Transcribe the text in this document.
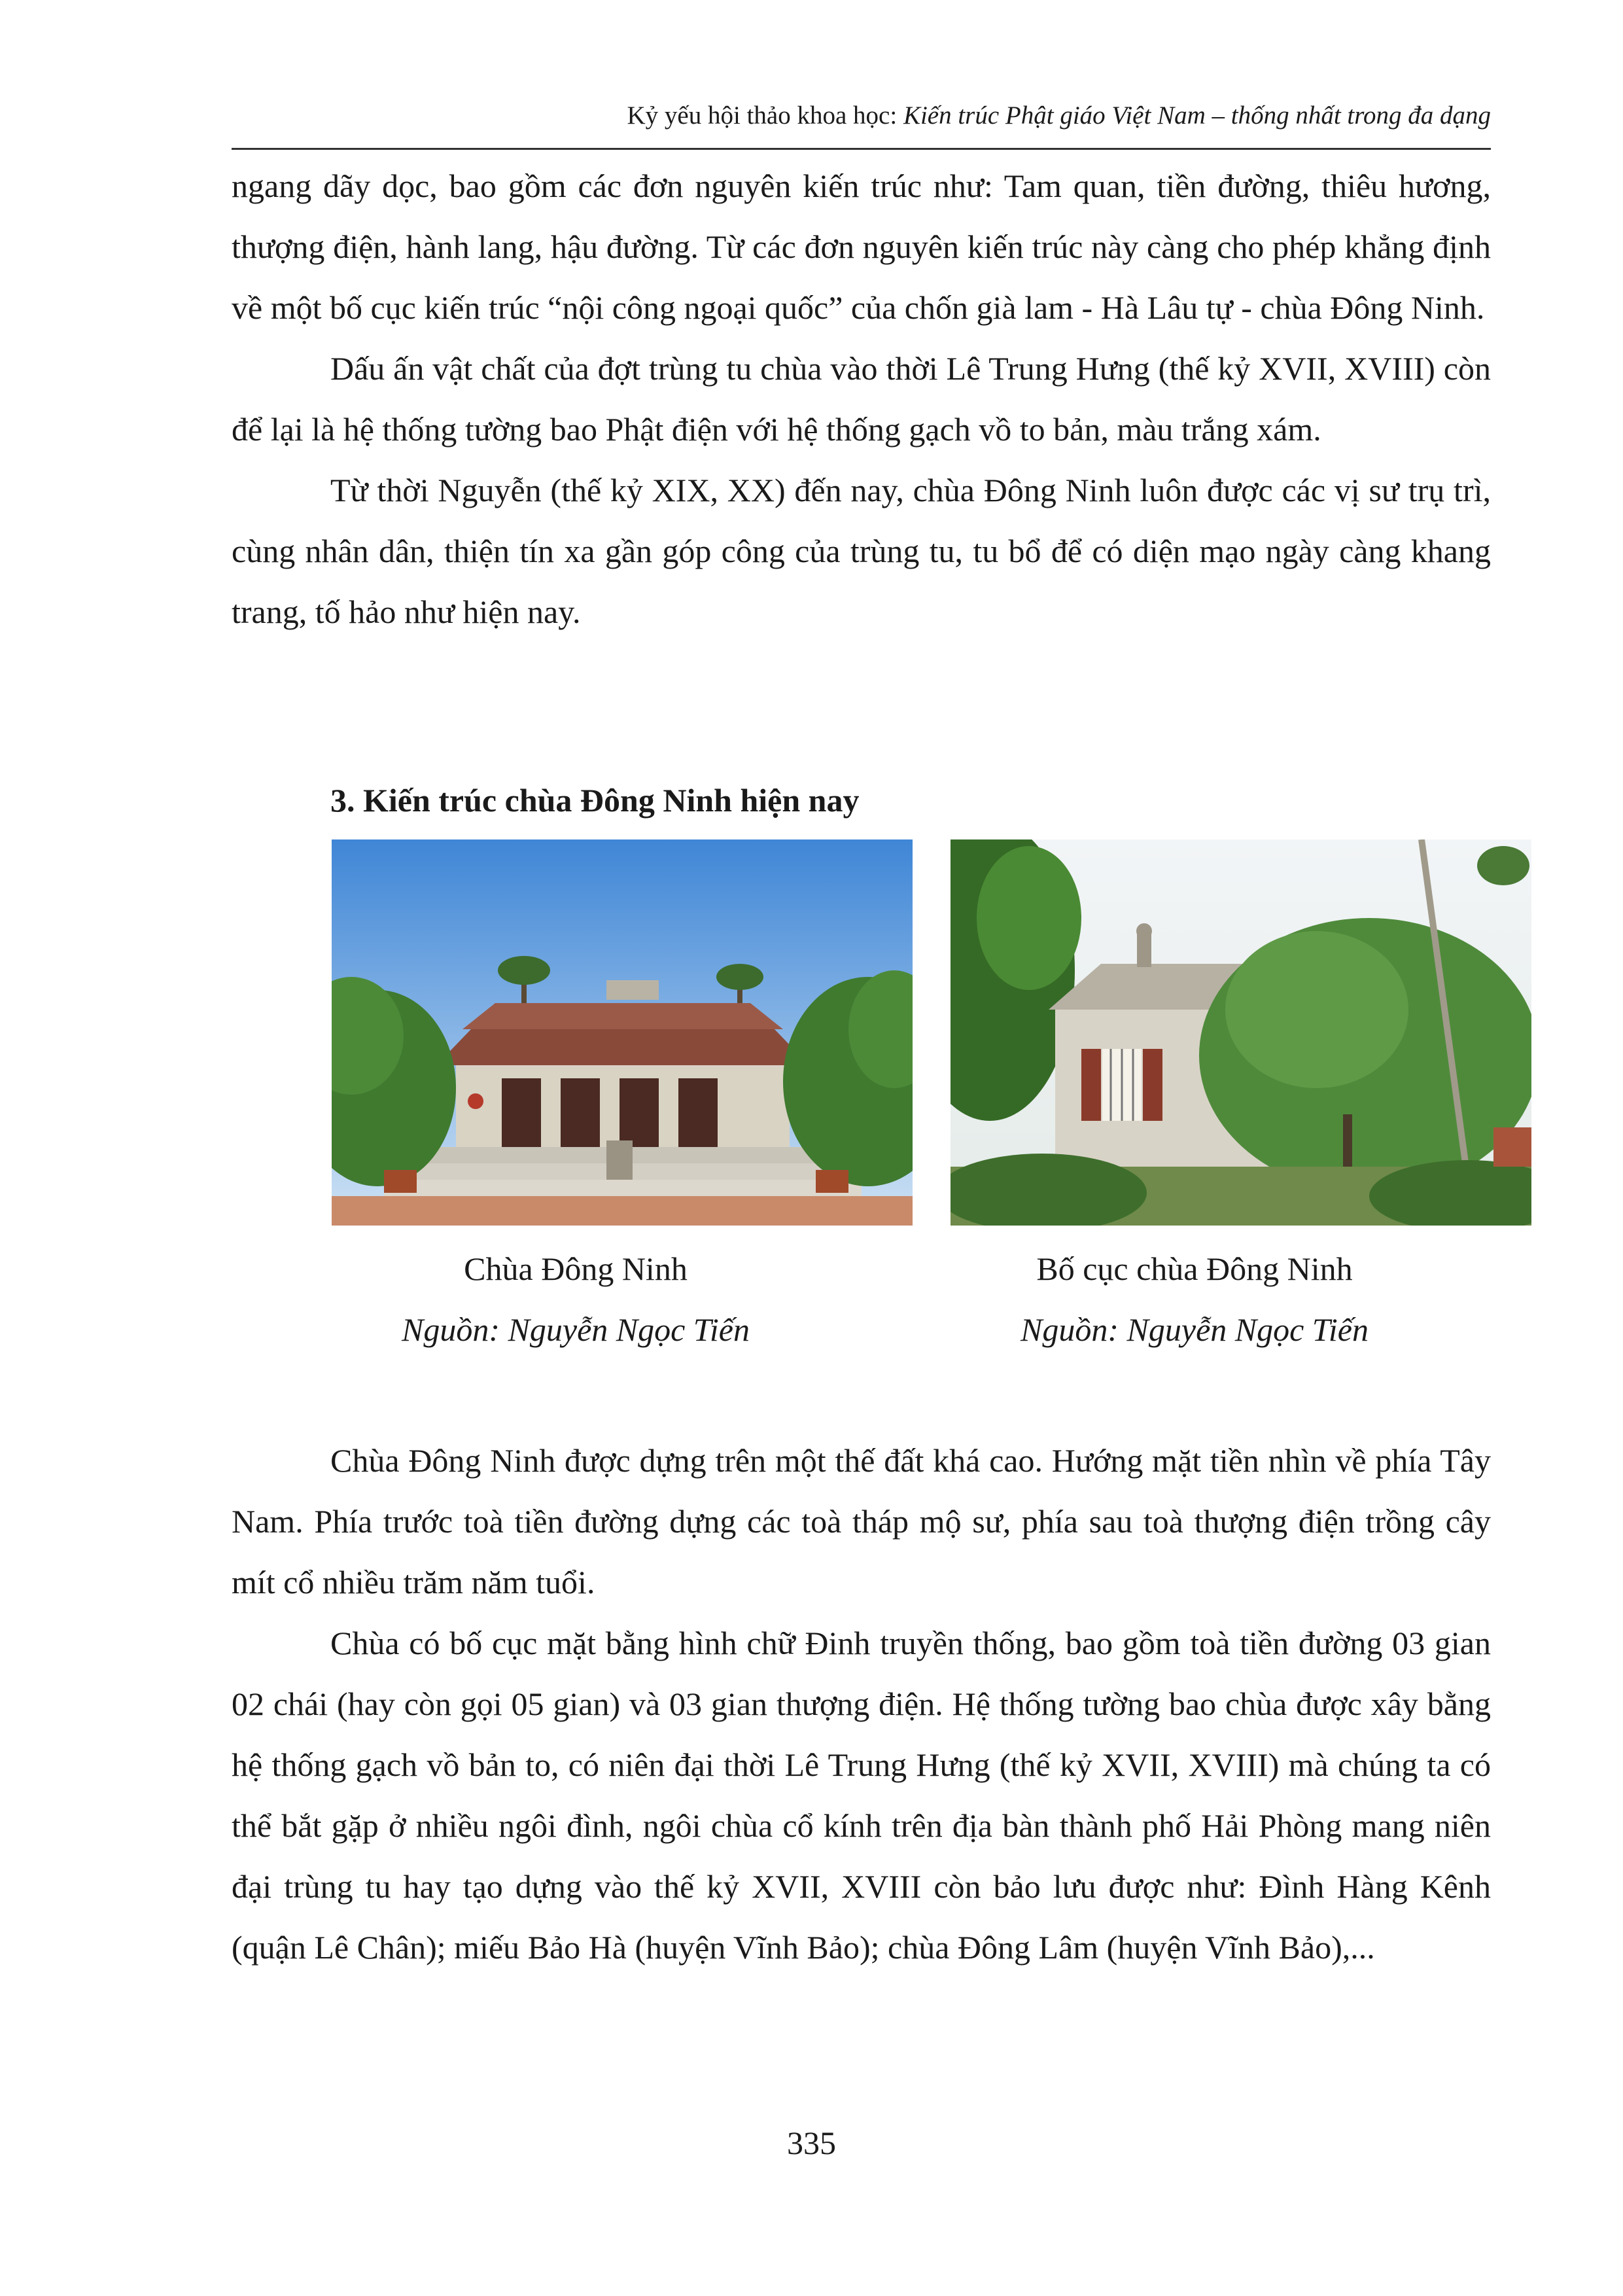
Kỷ yếu hội thảo khoa học: Kiến trúc Phật giáo Việt Nam – thống nhất trong đa dạng

ngang dãy dọc, bao gồm các đơn nguyên kiến trúc như: Tam quan, tiền đường, thiêu hương, thượng điện, hành lang, hậu đường. Từ các đơn nguyên kiến trúc này càng cho phép khẳng định về một bố cục kiến trúc “nội công ngoại quốc” của chốn già lam - Hà Lâu tự - chùa Đông Ninh.

Dấu ấn vật chất của đợt trùng tu chùa vào thời Lê Trung Hưng (thế kỷ XVII, XVIII) còn để lại là hệ thống tường bao Phật điện với hệ thống gạch vồ to bản, màu trắng xám.

Từ thời Nguyễn (thế kỷ XIX, XX) đến nay, chùa Đông Ninh luôn được các vị sư trụ trì, cùng nhân dân, thiện tín xa gần góp công của trùng tu, tu bổ để có diện mạo ngày càng khang trang, tố hảo như hiện nay.

3. Kiến trúc chùa Đông Ninh hiện nay
Chùa Đông Ninh
Nguồn: Nguyễn Ngọc Tiến
Bố cục chùa Đông Ninh
Nguồn: Nguyễn Ngọc Tiến

Chùa Đông Ninh được dựng trên một thế đất khá cao. Hướng mặt tiền nhìn về phía Tây Nam. Phía trước toà tiền đường dựng các toà tháp mộ sư, phía sau toà thượng điện trồng cây mít cổ nhiều trăm năm tuổi.

Chùa có bố cục mặt bằng hình chữ Đinh truyền thống, bao gồm toà tiền đường 03 gian 02 chái (hay còn gọi 05 gian) và 03 gian thượng điện. Hệ thống tường bao chùa được xây bằng hệ thống gạch vồ bản to, có niên đại thời Lê Trung Hưng (thế kỷ XVII, XVIII) mà chúng ta có thể bắt gặp ở nhiều ngôi đình, ngôi chùa cổ kính trên địa bàn thành phố Hải Phòng mang niên đại trùng tu hay tạo dựng vào thế kỷ XVII, XVIII còn bảo lưu được như: Đình Hàng Kênh (quận Lê Chân); miếu Bảo Hà (huyện Vĩnh Bảo); chùa Đông Lâm (huyện Vĩnh Bảo),...

335
